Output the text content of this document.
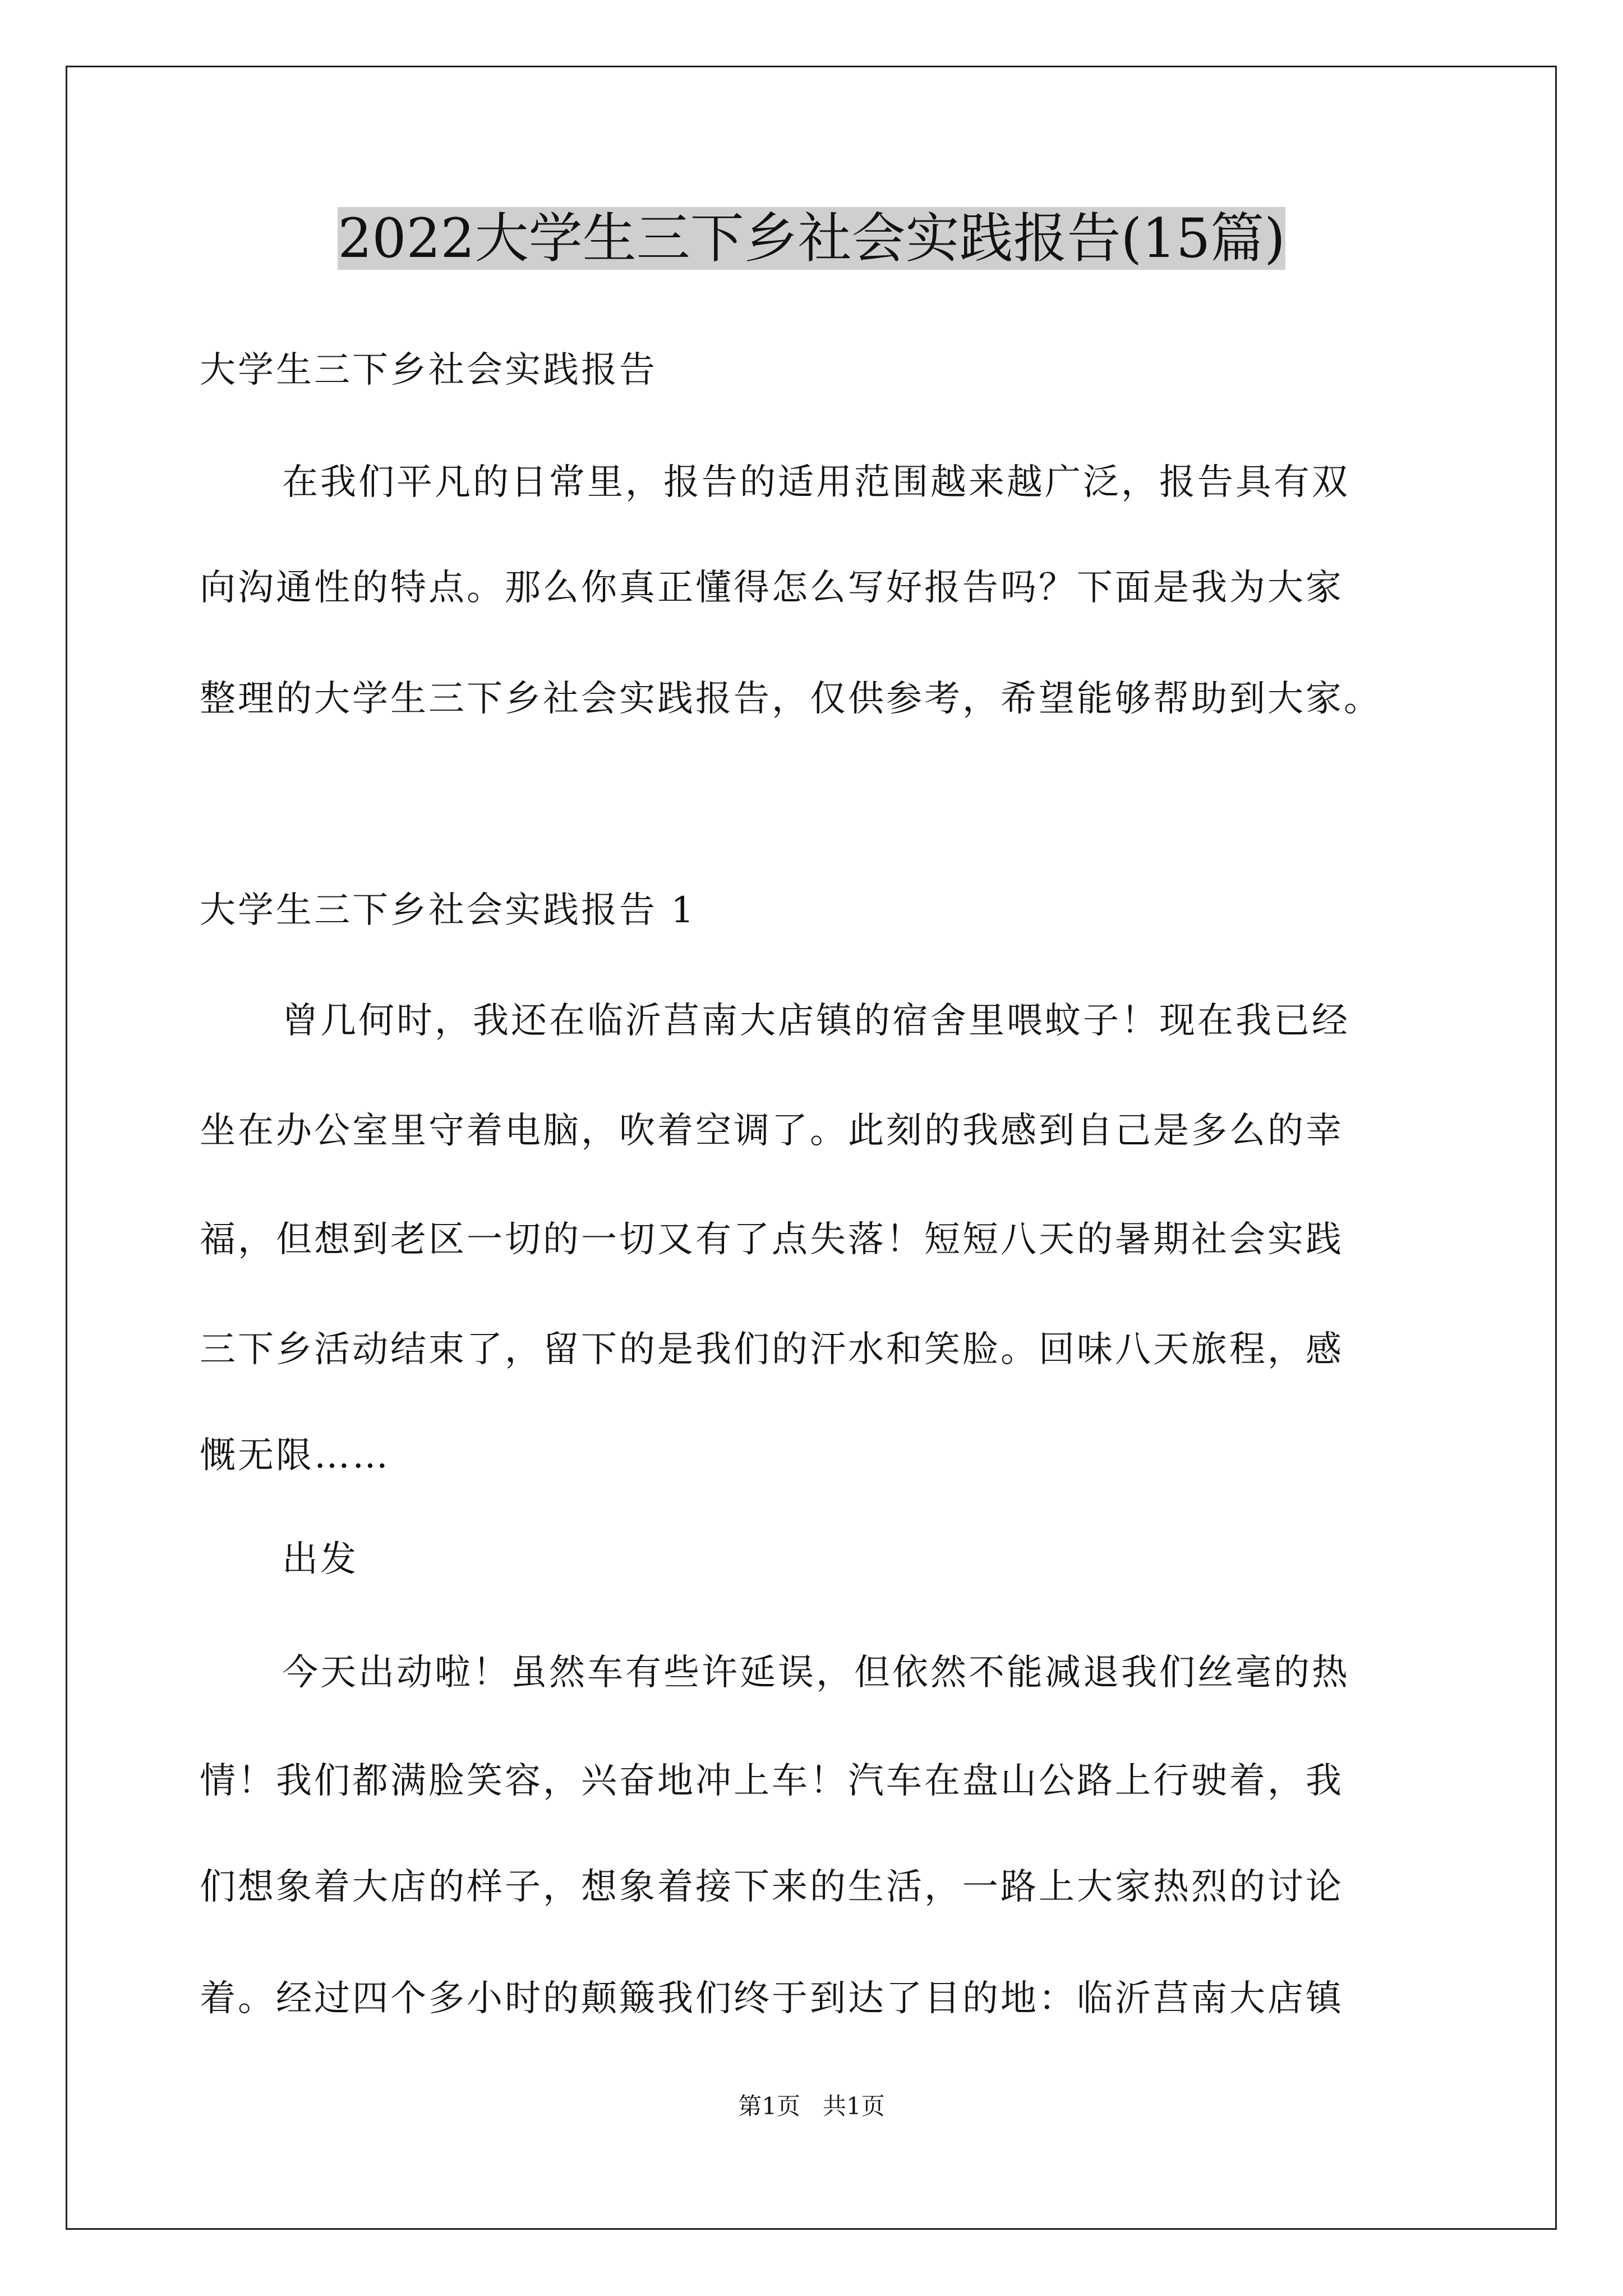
2022大学生三下乡社会实践报告(15篇)
大学生三下乡社会实践报告
在我们平凡的日常里，报告的适用范围越来越广泛，报告具有双
向沟通性的特点。那么你真正懂得怎么写好报告吗？下面是我为大家
整理的大学生三下乡社会实践报告，仅供参考，希望能够帮助到大家。
大学生三下乡社会实践报告 1
曾几何时，我还在临沂莒南大店镇的宿舍里喂蚊子！现在我已经
坐在办公室里守着电脑，吹着空调了。此刻的我感到自己是多么的幸
福，但想到老区一切的一切又有了点失落！短短八天的暑期社会实践
三下乡活动结束了，留下的是我们的汗水和笑脸。回味八天旅程，感
慨无限……
出发
今天出动啦！虽然车有些许延误，但依然不能减退我们丝毫的热
情！我们都满脸笑容，兴奋地冲上车！汽车在盘山公路上行驶着，我
们想象着大店的样子，想象着接下来的生活，一路上大家热烈的讨论
着。经过四个多小时的颠簸我们终于到达了目的地：临沂莒南大店镇
第1页   共1页
